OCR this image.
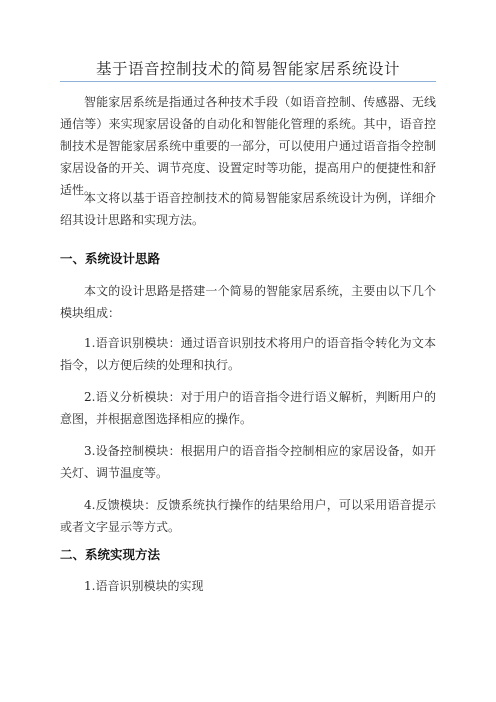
基于语音控制技术的简易智能家居系统设计

智能家居系统是指通过各种技术手段（如语音控制、传感器、无线通信等）来实现家居设备的自动化和智能化管理的系统。其中，语音控制技术是智能家居系统中重要的一部分，可以使用户通过语音指令控制家居设备的开关、调节亮度、设置定时等功能，提高用户的便捷性和舒适性。

本文将以基于语音控制技术的简易智能家居系统设计为例，详细介绍其设计思路和实现方法。

一、系统设计思路

本文的设计思路是搭建一个简易的智能家居系统，主要由以下几个模块组成：

1.语音识别模块：通过语音识别技术将用户的语音指令转化为文本指令，以方便后续的处理和执行。

2.语义分析模块：对于用户的语音指令进行语义解析，判断用户的意图，并根据意图选择相应的操作。

3.设备控制模块：根据用户的语音指令控制相应的家居设备，如开关灯、调节温度等。

4.反馈模块：反馈系统执行操作的结果给用户，可以采用语音提示或者文字显示等方式。

二、系统实现方法

1.语音识别模块的实现
